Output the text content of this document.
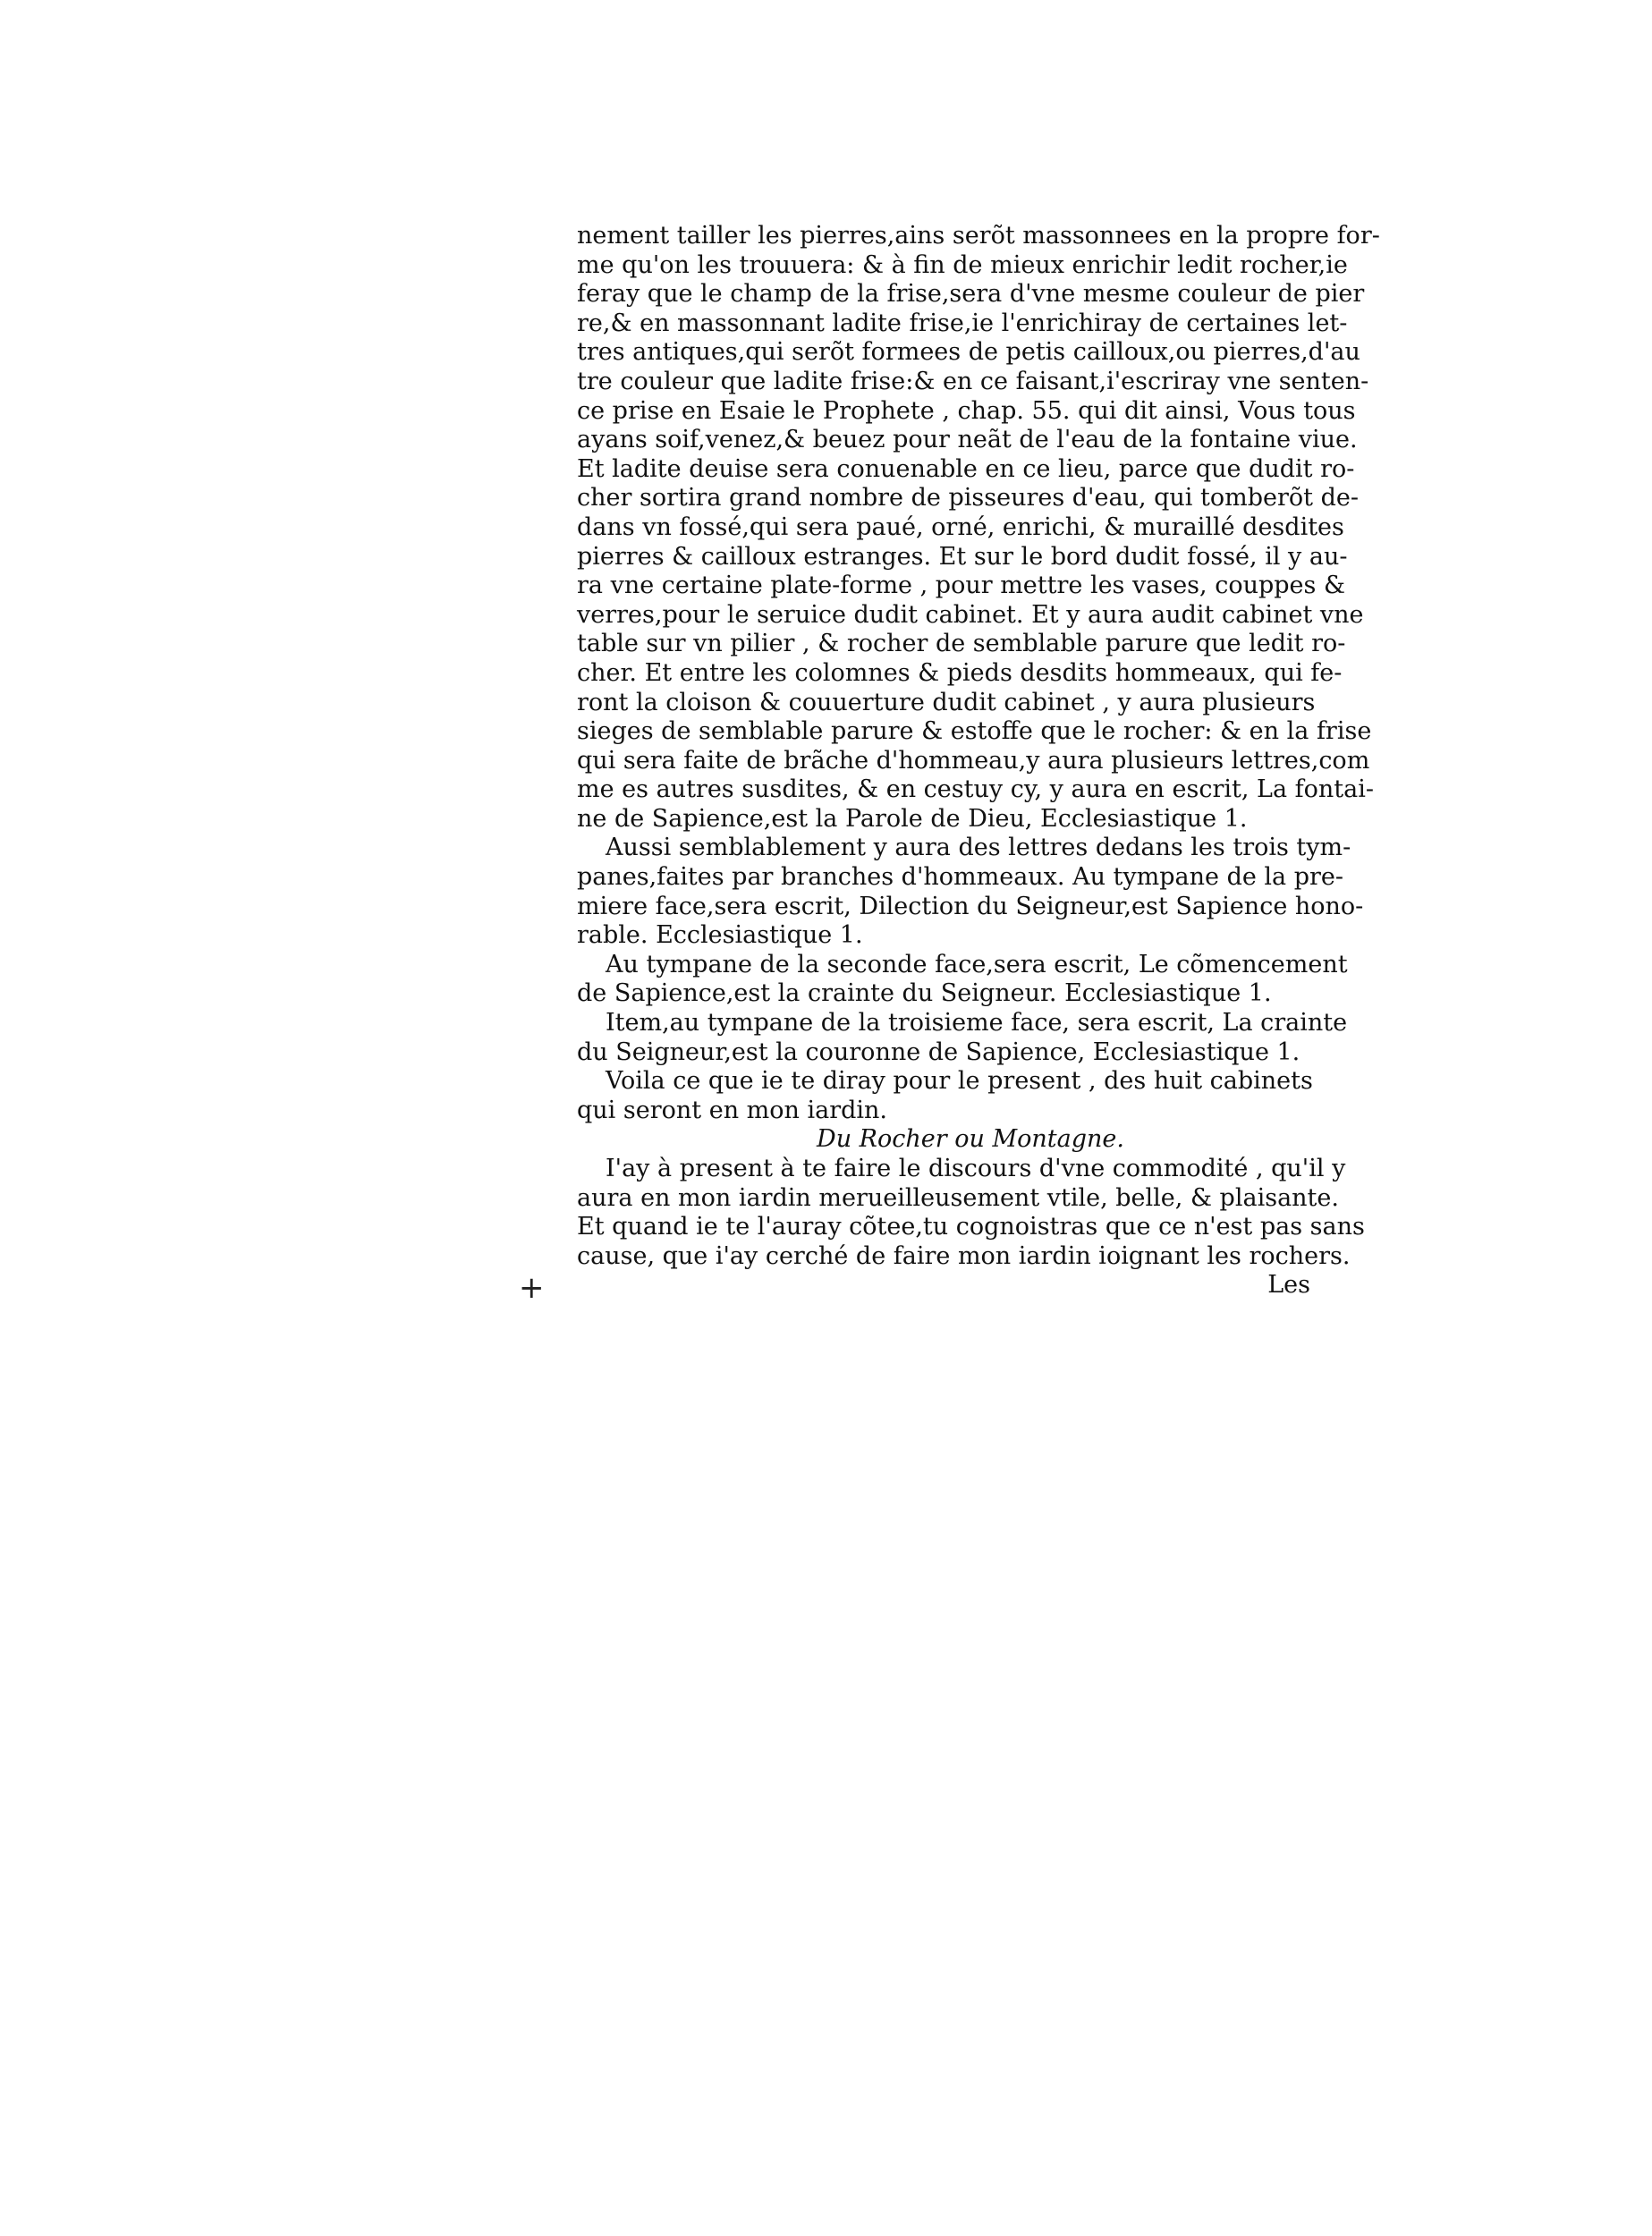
nement tailler les pierres,ains serõt massonnees en la propre for-
me qu'on les trouuera: & à fin de mieux enrichir ledit rocher,ie
feray que le champ de la frise,sera d'vne mesme couleur de pier
re,& en massonnant ladite frise,ie l'enrichiray de certaines let-
tres antiques,qui serõt formees de petis cailloux,ou pierres,d'au
tre couleur que ladite frise:& en ce faisant,i'escriray vne senten-
ce prise en Esaie le Prophete , chap. 55. qui dit ainsi, Vous tous
ayans soif,venez,& beuez pour neãt de l'eau de la fontaine viue.
Et ladite deuise sera conuenable en ce lieu, parce que dudit ro-
cher sortira grand nombre de pisseures d'eau, qui tomberõt de-
dans vn fossé,qui sera paué, orné, enrichi, & muraillé desdites
pierres & cailloux estranges. Et sur le bord dudit fossé, il y au-
ra vne certaine plate-forme , pour mettre les vases, couppes &
verres,pour le seruice dudit cabinet. Et y aura audit cabinet vne
table sur vn pilier , & rocher de semblable parure que ledit ro-
cher. Et entre les colomnes & pieds desdits hommeaux, qui fe-
ront la cloison & couuerture dudit cabinet , y aura plusieurs
sieges de semblable parure & estoffe que le rocher: & en la frise
qui sera faite de brãche d'hommeau,y aura plusieurs lettres,com
me es autres susdites, & en cestuy cy, y aura en escrit, La fontai-
ne de Sapience,est la Parole de Dieu, Ecclesiastique 1.
Aussi semblablement y aura des lettres dedans les trois tym-
panes,faites par branches d'hommeaux. Au tympane de la pre-
miere face,sera escrit, Dilection du Seigneur,est Sapience hono-
rable. Ecclesiastique 1.
Au tympane de la seconde face,sera escrit, Le cõmencement
de Sapience,est la crainte du Seigneur. Ecclesiastique 1.
Item,au tympane de la troisieme face, sera escrit, La crainte
du Seigneur,est la couronne de Sapience, Ecclesiastique 1.
Voila ce que ie te diray pour le present , des huit cabinets
qui seront en mon iardin.
Du Rocher ou Montagne.
I'ay à present à te faire le discours d'vne commodité , qu'il y
aura en mon iardin merueilleusement vtile, belle, & plaisante.
Et quand ie te l'auray cõtee,tu cognoistras que ce n'est pas sans
cause, que i'ay cerché de faire mon iardin ioignant les rochers.
Les
+
